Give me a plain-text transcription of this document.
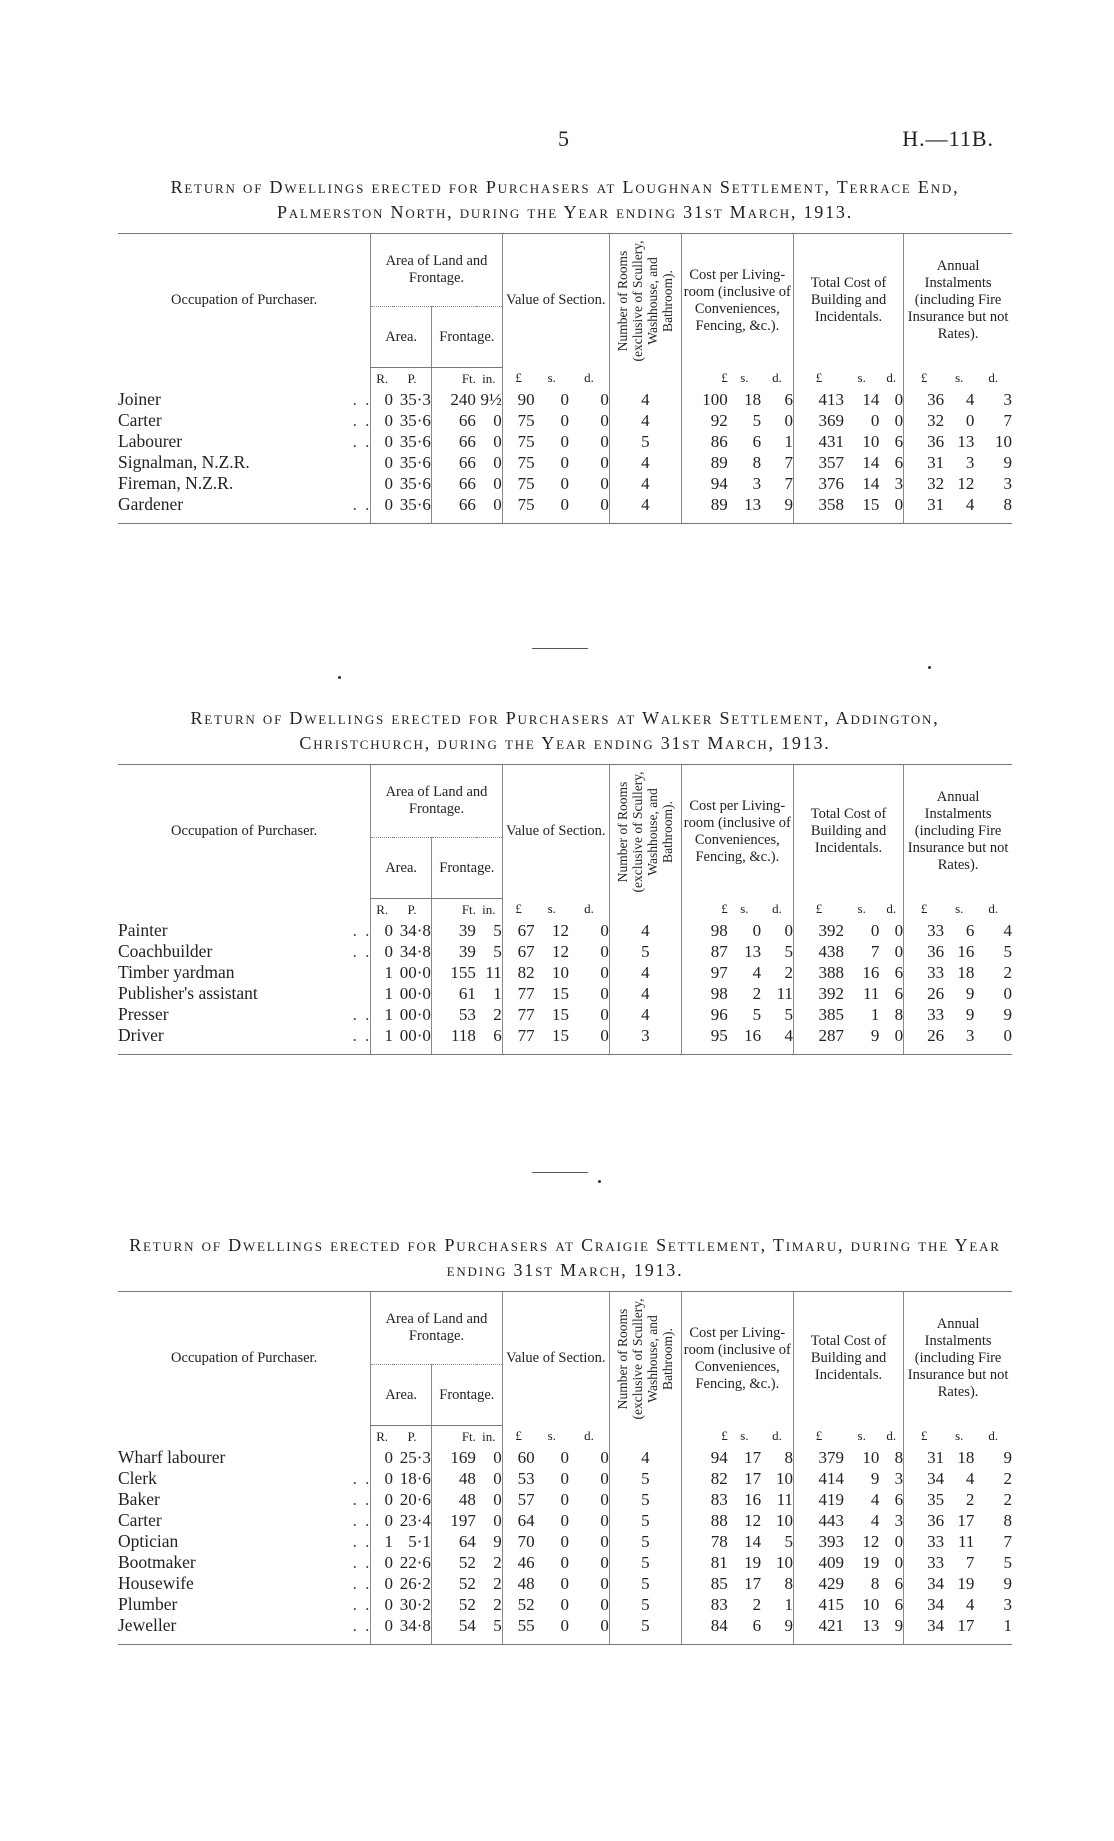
5	H.—11B.
Return of Dwellings erected for Purchasers at Loughnan Settlement, Terrace End, Palmerston North, during the Year ending 31st March, 1913.
Occupation of Purchaser.		Area of Land and Frontage.				Value of Section.			Number of Rooms (exclusive of Scullery, Washhouse, and Bathroom).	Cost per Living-room (inclusive of Conveniences, Fencing, &c.).			Total Cost of Building and Incidentals.			Annual Instalments (including Fire Insurance but not Rates).		
		Area.		Frontage.														
		R.	P.	Ft.	in.	£	s.	d.		£	s.	d.	£	s.	d.	£	s.	d.
Joiner	. .	0	35·3	240	9½	90	0	0	4	100	18	6	413	14	0	36	4	3
Carter	. .	0	35·6	66	0	75	0	0	4	92	5	0	369	0	0	32	0	7
Labourer	. .	0	35·6	66	0	75	0	0	5	86	6	1	431	10	6	36	13	10
Signalman, N.Z.R.		0	35·6	66	0	75	0	0	4	89	8	7	357	14	6	31	3	9
Fireman, N.Z.R.		0	35·6	66	0	75	0	0	4	94	3	7	376	14	3	32	12	3
Gardener	. .	0	35·6	66	0	75	0	0	4	89	13	9	358	15	0	31	4	8
Return of Dwellings erected for Purchasers at Walker Settlement, Addington, Christchurch, during the Year ending 31st March, 1913.
Occupation of Purchaser.		Area of Land and Frontage.				Value of Section.			Number of Rooms (exclusive of Scullery, Washhouse, and Bathroom).	Cost per Living-room (inclusive of Conveniences, Fencing, &c.).			Total Cost of Building and Incidentals.			Annual Instalments (including Fire Insurance but not Rates).		
		Area.		Frontage.														
		R.	P.	Ft.	in.	£	s.	d.		£	s.	d.	£	s.	d.	£	s.	d.
Painter	. .	0	34·8	39	5	67	12	0	4	98	0	0	392	0	0	33	6	4
Coachbuilder	. .	0	34·8	39	5	67	12	0	5	87	13	5	438	7	0	36	16	5
Timber yardman		1	00·0	155	11	82	10	0	4	97	4	2	388	16	6	33	18	2
Publisher's assistant		1	00·0	61	1	77	15	0	4	98	2	11	392	11	6	26	9	0
Presser	. .	1	00·0	53	2	77	15	0	4	96	5	5	385	1	8	33	9	9
Driver	. .	1	00·0	118	6	77	15	0	3	95	16	4	287	9	0	26	3	0
Return of Dwellings erected for Purchasers at Craigie Settlement, Timaru, during the Year ending 31st March, 1913.
Occupation of Purchaser.		Area of Land and Frontage.				Value of Section.			Number of Rooms (exclusive of Scullery, Washhouse, and Bathroom).	Cost per Living-room (inclusive of Conveniences, Fencing, &c.).			Total Cost of Building and Incidentals.			Annual Instalments (including Fire Insurance but not Rates).		
		Area.		Frontage.														
		R.	P.	Ft.	in.	£	s.	d.		£	s.	d.	£	s.	d.	£	s.	d.
Wharf labourer		0	25·3	169	0	60	0	0	4	94	17	8	379	10	8	31	18	9
Clerk	. .	0	18·6	48	0	53	0	0	5	82	17	10	414	9	3	34	4	2
Baker	. .	0	20·6	48	0	57	0	0	5	83	16	11	419	4	6	35	2	2
Carter	. .	0	23·4	197	0	64	0	0	5	88	12	10	443	4	3	36	17	8
Optician	. .	1	5·1	64	9	70	0	0	5	78	14	5	393	12	0	33	11	7
Bootmaker	. .	0	22·6	52	2	46	0	0	5	81	19	10	409	19	0	33	7	5
Housewife	. .	0	26·2	52	2	48	0	0	5	85	17	8	429	8	6	34	19	9
Plumber	. .	0	30·2	52	2	52	0	0	5	83	2	1	415	10	6	34	4	3
Jeweller	. .	0	34·8	54	5	55	0	0	5	84	6	9	421	13	9	34	17	1
